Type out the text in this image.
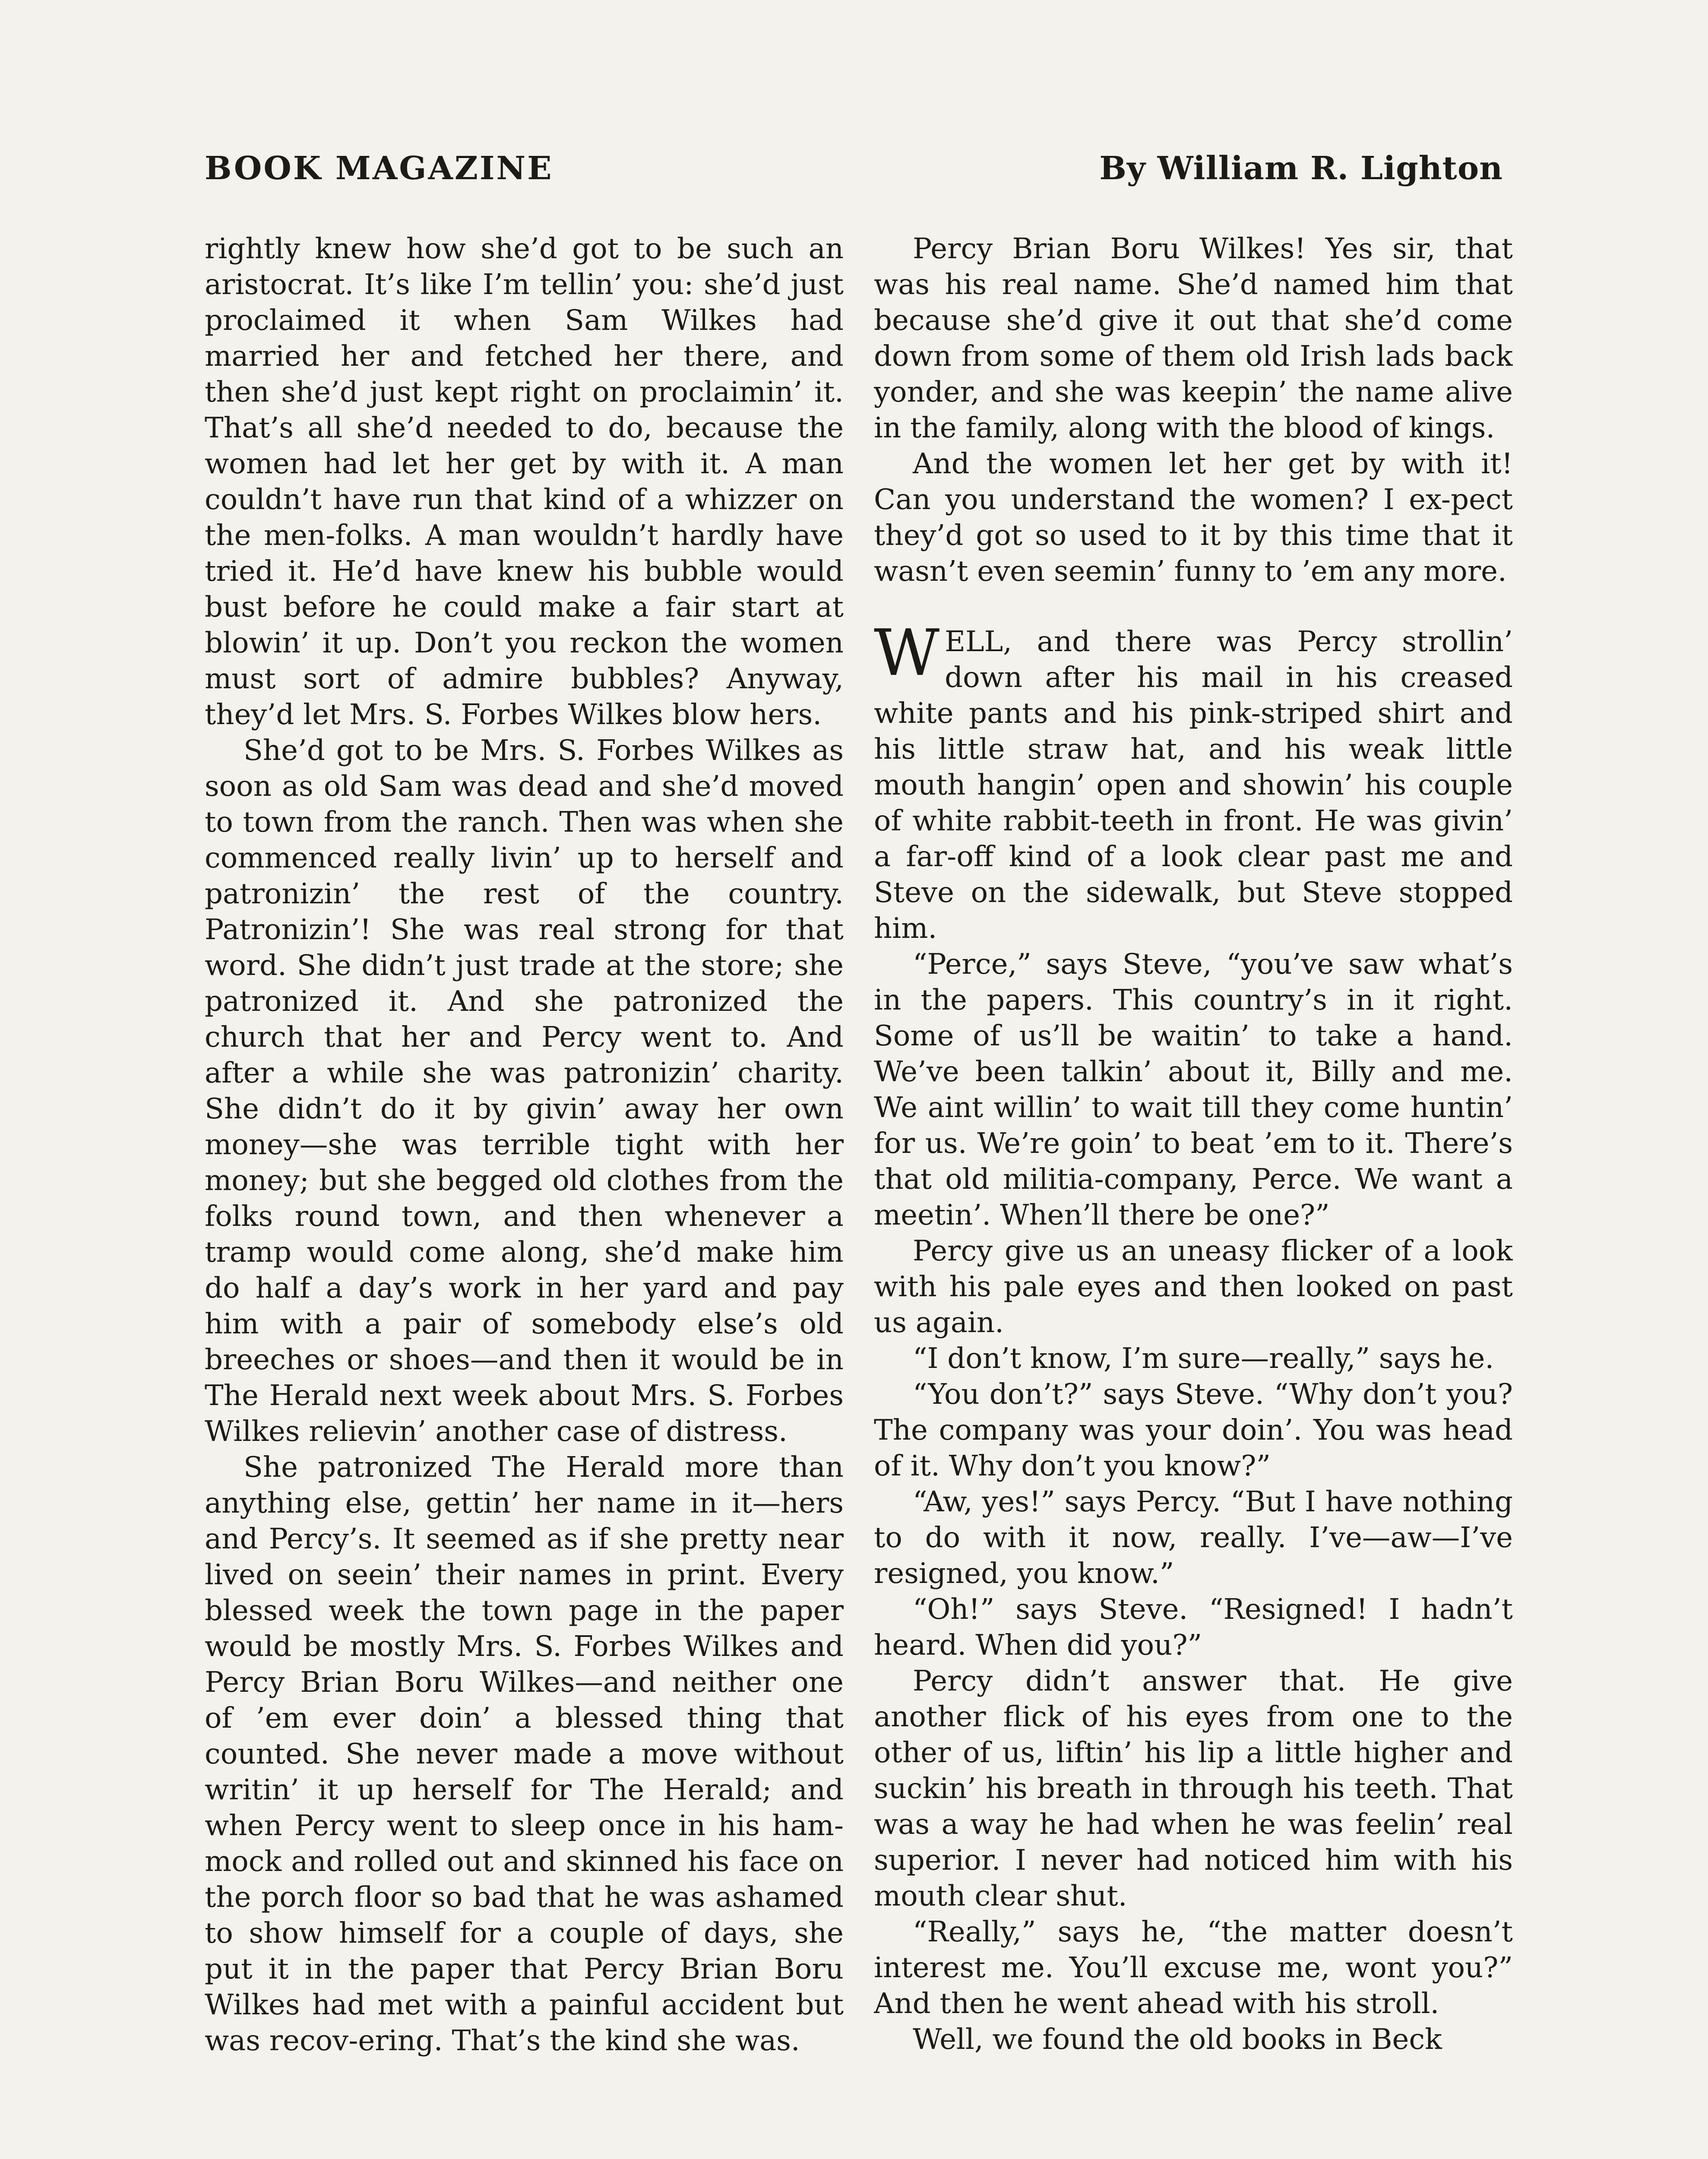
BOOK MAGAZINE	By William R. Lighton

rightly knew how she’d got to be such an aristocrat. It’s like I’m tellin’ you: she’d just proclaimed it when Sam Wilkes had married her and fetched her there, and then she’d just kept right on proclaimin’ it. That’s all she’d needed to do, because the women had let her get by with it. A man couldn’t have run that kind of a whizzer on the men-folks. A man wouldn’t hardly have tried it. He’d have knew his bubble would bust before he could make a fair start at blowin’ it up. Don’t you reckon the women must sort of admire bubbles? Anyway, they’d let Mrs. S. Forbes Wilkes blow hers.

She’d got to be Mrs. S. Forbes Wilkes as soon as old Sam was dead and she’d moved to town from the ranch. Then was when she commenced really livin’ up to herself and patronizin’ the rest of the country. Patronizin’! She was real strong for that word. She didn’t just trade at the store; she patronized it. And she patronized the church that her and Percy went to. And after a while she was patronizin’ charity. She didn’t do it by givin’ away her own money—she was terrible tight with her money; but she begged old clothes from the folks round town, and then whenever a tramp would come along, she’d make him do half a day’s work in her yard and pay him with a pair of somebody else’s old breeches or shoes—and then it would be in The Herald next week about Mrs. S. Forbes Wilkes relievin’ another case of distress.

She patronized The Herald more than anything else, gettin’ her name in it—hers and Percy’s. It seemed as if she pretty near lived on seein’ their names in print. Every blessed week the town page in the paper would be mostly Mrs. S. Forbes Wilkes and Percy Brian Boru Wilkes—and neither one of ’em ever doin’ a blessed thing that counted. She never made a move without writin’ it up herself for The Herald; and when Percy went to sleep once in his ham-mock and rolled out and skinned his face on the porch floor so bad that he was ashamed to show himself for a couple of days, she put it in the paper that Percy Brian Boru Wilkes had met with a painful accident but was recov-ering. That’s the kind she was.

Percy Brian Boru Wilkes! Yes sir, that was his real name. She’d named him that because she’d give it out that she’d come down from some of them old Irish lads back yonder, and she was keepin’ the name alive in the family, along with the blood of kings.

And the women let her get by with it! Can you understand the women? I ex-pect they’d got so used to it by this time that it wasn’t even seemin’ funny to ’em any more.

WELL, and there was Percy strollin’ down after his mail in his creased white pants and his pink-striped shirt and his little straw hat, and his weak little mouth hangin’ open and showin’ his couple of white rabbit-teeth in front. He was givin’ a far-off kind of a look clear past me and Steve on the sidewalk, but Steve stopped him.

“Perce,” says Steve, “you’ve saw what’s in the papers. This country’s in it right. Some of us’ll be waitin’ to take a hand. We’ve been talkin’ about it, Billy and me. We aint willin’ to wait till they come huntin’ for us. We’re goin’ to beat ’em to it. There’s that old militia-company, Perce. We want a meetin’. When’ll there be one?”

Percy give us an uneasy flicker of a look with his pale eyes and then looked on past us again.

“I don’t know, I’m sure—really,” says he.

“You don’t?” says Steve. “Why don’t you? The company was your doin’. You was head of it. Why don’t you know?”

“Aw, yes!” says Percy. “But I have nothing to do with it now, really. I’ve—aw—I’ve resigned, you know.”

“Oh!” says Steve. “Resigned! I hadn’t heard. When did you?”

Percy didn’t answer that. He give another flick of his eyes from one to the other of us, liftin’ his lip a little higher and suckin’ his breath in through his teeth. That was a way he had when he was feelin’ real superior. I never had noticed him with his mouth clear shut.

“Really,” says he, “the matter doesn’t interest me. You’ll excuse me, wont you?” And then he went ahead with his stroll.

Well, we found the old books in Beck
